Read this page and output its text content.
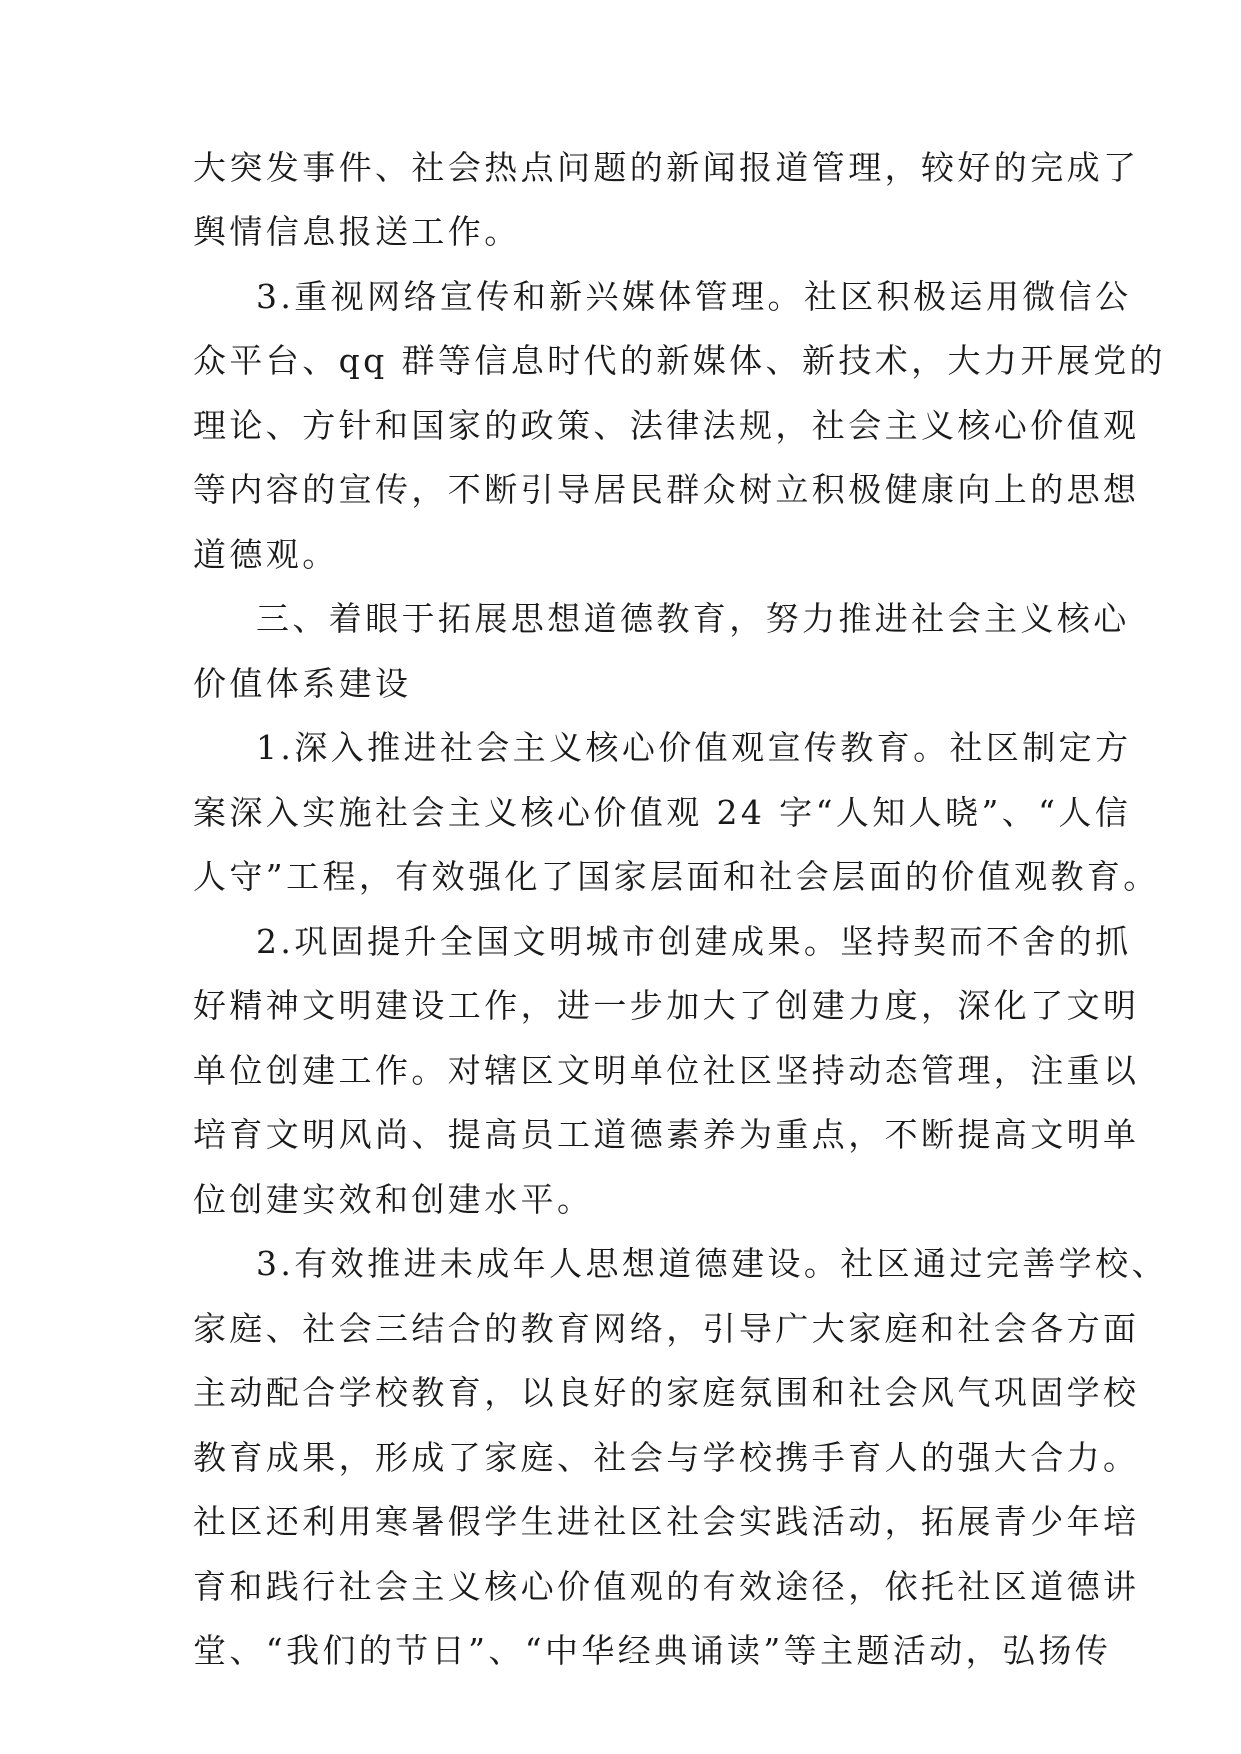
大突发事件、社会热点问题的新闻报道管理，较好的完成了
舆情信息报送工作。
3.重视网络宣传和新兴媒体管理。社区积极运用微信公
众平台、qq 群等信息时代的新媒体、新技术，大力开展党的
理论、方针和国家的政策、法律法规，社会主义核心价值观
等内容的宣传，不断引导居民群众树立积极健康向上的思想
道德观。
三、着眼于拓展思想道德教育，努力推进社会主义核心
价值体系建设
1.深入推进社会主义核心价值观宣传教育。社区制定方
案深入实施社会主义核心价值观 24 字“人知人晓”、“人信
人守”工程，有效强化了国家层面和社会层面的价值观教育。
2.巩固提升全国文明城市创建成果。坚持契而不舍的抓
好精神文明建设工作，进一步加大了创建力度，深化了文明
单位创建工作。对辖区文明单位社区坚持动态管理，注重以
培育文明风尚、提高员工道德素养为重点，不断提高文明单
位创建实效和创建水平。
3.有效推进未成年人思想道德建设。社区通过完善学校、
家庭、社会三结合的教育网络，引导广大家庭和社会各方面
主动配合学校教育，以良好的家庭氛围和社会风气巩固学校
教育成果，形成了家庭、社会与学校携手育人的强大合力。
社区还利用寒暑假学生进社区社会实践活动，拓展青少年培
育和践行社会主义核心价值观的有效途径，依托社区道德讲
堂、“我们的节日”、“中华经典诵读”等主题活动，弘扬传
